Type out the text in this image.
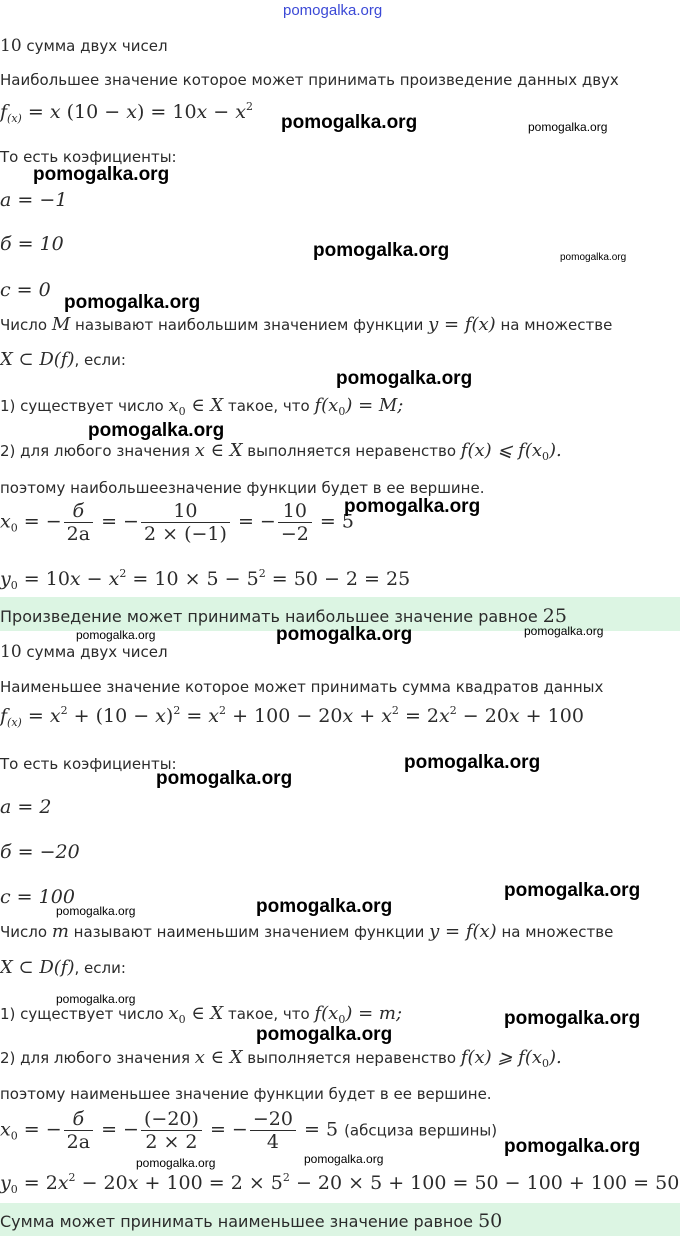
pomogalka.org
10 сумма двух чисел
Наибольшее значение которое может принимать произведение данных двух
$f_{(x)} = x$ $(10 - x) = 10x - x^2$
То есть коэфициенты:
a = −1
б = 10
c = 0
Число M называют наибольшим значением функции y = f(x) на множестве
X ⊂ D(f), если:
1) существует число $x_0$ ∈ X такое, что $f(x_0) = M$;
2) для любого значения x ∈ X выполняется неравенство f(x) ⩽ $f(x_0)$.
поэтому наибольшеезначение функции будет в ее вершине.
$x_0$ = − $\frac{б}{2a}$ = − $\frac{10}{2 \times (-1)}$ = − $\frac{10}{-2} = 5$
$y_0 = 10x - x^2 = 10 \times 5 - 5^2 = 50 - 2 = 25$
Произведение может принимать наибольшее значение равное 25
10 сумма двух чисел
Наименьшее значение которое может принимать сумма квадратов данных
$f_{(x)} = x^2 + (10 - x)^2 = x^2 + 100 - 20x + x^2 = 2x^2 - 20x + 100$
То есть коэфициенты:
a = 2
б = −20
c = 100
Число m называют наименьшим значением функции y = f(x) на множестве
X ⊂ D(f), если:
1) существует число $x_0$ ∈ X такое, что $f(x_0) = m$;
2) для любого значения x ∈ X выполняется неравенство f(x) ⩾ $f(x_0)$.
поэтому наименьшее значение функции будет в ее вершине.
$x_0$ = − $\frac{б}{2a}$ = − $\frac{(-20)}{2 \times 2}$ = − $\frac{-20}{4} = 5$ (абсциза вершины)
$y_0 = 2x^2 - 20x + 100 = 2 \times 5^2 - 20 \times 5 + 100 = 50 - 100 + 100 = 50$
Сумма может принимать наименьшее значение равное 50
pomogalka.org	pomogalka.org
pomogalka.org
pomogalka.org	pomogalka.org
pomogalka.org
pomogalka.org
pomogalka.org
pomogalka.org
pomogalka.org	pomogalka.org	pomogalka.org
pomogalka.org
pomogalka.org
pomogalka.org
pomogalka.org	pomogalka.org
pomogalka.org
pomogalka.org
pomogalka.org
pomogalka.org
pomogalka.org	pomogalka.org
